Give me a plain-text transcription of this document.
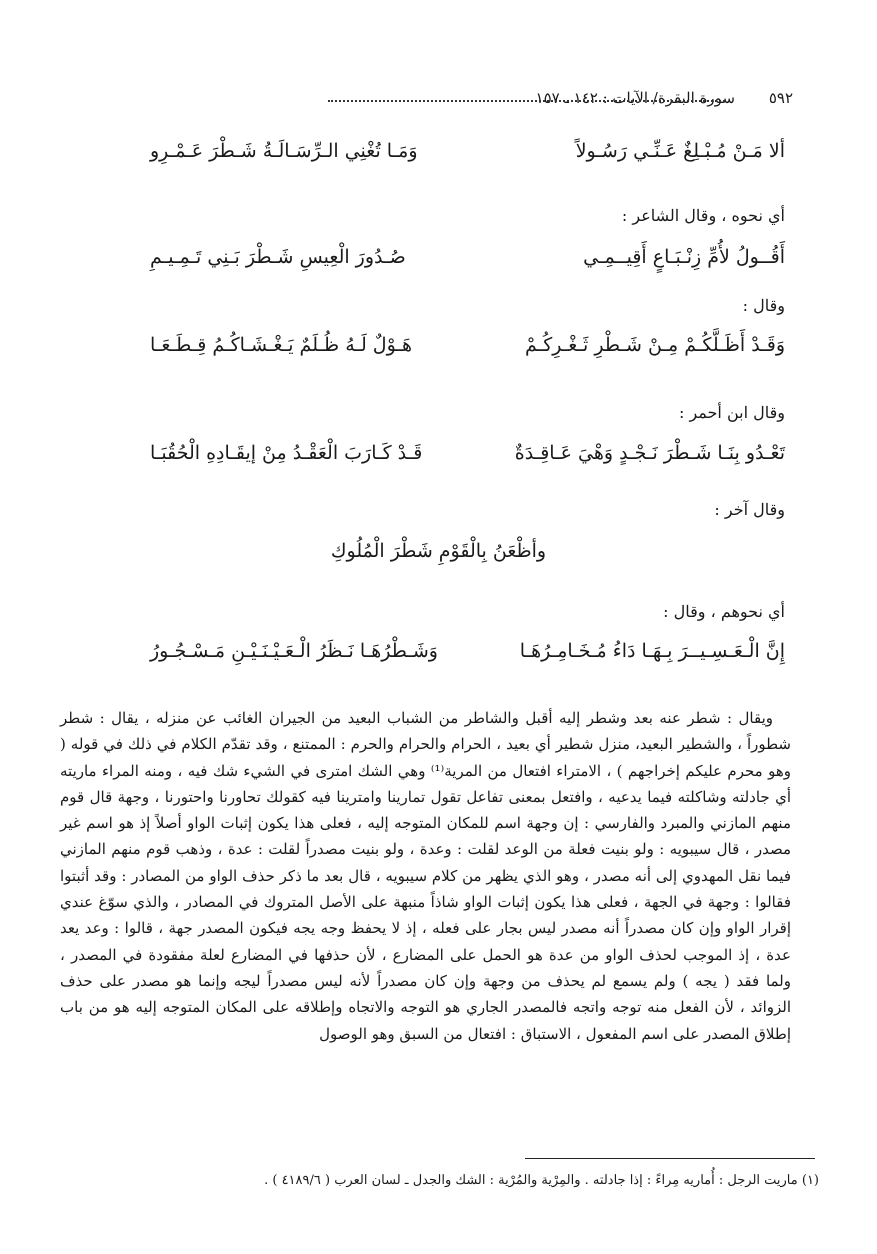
٥٩٢
سورة البقرة/ الآيات : ١٤٢ ـ ١٥٧
ألا مَـنْ مُـبْـلِغٌ عَـنِّـي رَسُـولاً
وَمَـا تُغْنِي الـرِّسَـالَـةُ شَـطْرَ عَـمْـرِو
أي نحوه ، وقال الشاعر :
أَقُــولُ لأُمِّ زِنْـبَـاعٍ أَقِيــمِـي
صُـدُورَ الْعِيسِ شَـطْرَ بَـنِي تَـمِـيـمِ
وقال :
وَقَـدْ أَظَـلَّكُـمْ مِـنْ شَـطْرِ ثَـغْـرِكُـمْ
هَـوْلٌ لَـهُ ظُـلَمٌ يَـغْـشَـاكُـمُ قِـطَـعَـا
وقال ابن أحمر :
تَعْـدُو بِنَـا شَـطْرَ نَـجْـدٍ وَهْيَ عَـاقِـدَةٌ
قَـدْ كَـارَبَ الْعَقْـدُ مِنْ إيقَـادِهِ الْحُقُبَـا
وقال آخر :
وأظْعَنُ بِالْقَوْمِ شَطْرَ الْمُلُوكِ
أي نحوهم ، وقال :
إِنَّ الْـعَـسِـيــرَ بِـهَـا دَاءُ مُـخَـامِـرُهَـا
وَشَـطْرُهَـا نَـظَرُ الْـعَـيْـنَـيْـنِ مَـسْـجُـورُ

ويقال : شطر عنه بعد وشطر إليه أقبل والشاطر من الشباب البعيد من الجيران الغائب عن منزله ، يقال : شطر شطوراً ، والشطير البعيد، منزل شطير أي بعيد ، الحرام والحرام والحرم : الممتنع ، وقد تقدّم الكلام في ذلك في قوله ( وهو محرم عليكم إخراجهم ) ، الامتراء افتعال من المرية⁽¹⁾ وهي الشك امترى في الشيء شك فيه ، ومنه المراء ماريته أي جادلته وشاكلته فيما يدعيه ، وافتعل بمعنى تفاعل تقول تمارينا وامترينا فيه كقولك تحاورنا واحتورنا ، وجهة قال قوم منهم المازني والمبرد والفارسي : إن وجهة اسم للمكان المتوجه إليه ، فعلى هذا يكون إثبات الواو أصلاً إذ هو اسم غير مصدر ، قال سيبويه : ولو بنيت فعلة من الوعد لقلت : وعدة ، ولو بنيت مصدراً لقلت : عدة ، وذهب قوم منهم المازني فيما نقل المهدوي إلى أنه مصدر ، وهو الذي يظهر من كلام سيبويه ، قال بعد ما ذكر حذف الواو من المصادر : وقد أثبتوا فقالوا : وجهة في الجهة ، فعلى هذا يكون إثبات الواو شاذاً منبهة على الأصل المتروك في المصادر ، والذي سوّغ عندي إقرار الواو وإن كان مصدراً أنه مصدر ليس بجار على فعله ، إذ لا يحفظ وجه يجه فيكون المصدر جهة ، قالوا : وعد يعد عدة ، إذ الموجب لحذف الواو من عدة هو الحمل على المضارع ، لأن حذفها في المضارع لعلة مفقودة في المصدر ، ولما فقد ( يجه ) ولم يسمع لم يحذف من وجهة وإن كان مصدراً لأنه ليس مصدراً ليجه وإنما هو مصدر على حذف الزوائد ، لأن الفعل منه توجه واتجه فالمصدر الجاري هو التوجه والاتجاه وإطلاقه على المكان المتوجه إليه هو من باب إطلاق المصدر على اسم المفعول ، الاستباق : افتعال من السبق وهو الوصول

(١) ماريت الرجل : أُماريه مِراءً : إذا جادلته . والمِرْية والمُرْية : الشك والجدل ـ لسان العرب ( ٤١٨٩/٦ ) .
